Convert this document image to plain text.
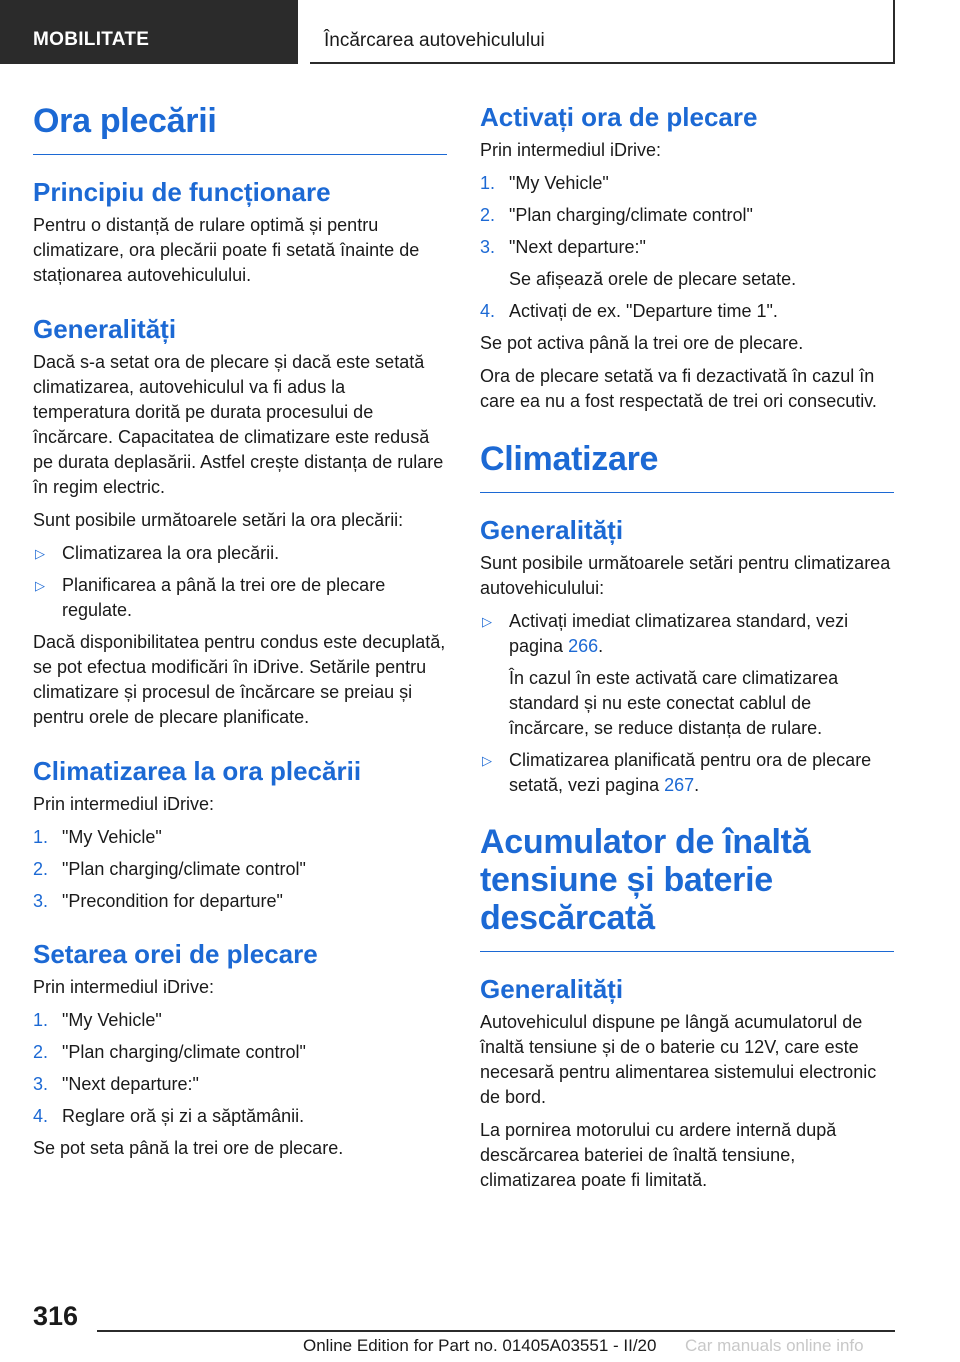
MOBILITATE	Încărcarea autovehiculului
Ora plecării
Principiu de funcționare

Pentru o distanță de rulare optimă și pentru climatizare, ora plecării poate fi setată înainte de staționarea autovehiculului.

Generalități

Dacă s-a setat ora de plecare și dacă este setată climatizarea, autovehiculul va fi adus la temperatura dorită pe durata procesului de încărcare. Capacitatea de climatizare este redusă pe durata deplasării. Astfel crește distanța de rulare în regim electric.

Sunt posibile următoarele setări la ora plecării:

▷ Climatizarea la ora plecării.
▷ Planificarea a până la trei ore de plecare regulate.

Dacă disponibilitatea pentru condus este decuplată, se pot efectua modificări în iDrive. Setările pentru climatizare și procesul de încărcare se preiau și pentru orele de plecare planificate.

Climatizarea la ora plecării

Prin intermediul iDrive:

1. "My Vehicle"
2. "Plan charging/climate control"
3. "Precondition for departure"
Setarea orei de plecare

Prin intermediul iDrive:

1. "My Vehicle"
2. "Plan charging/climate control"
3. "Next departure:"
4. Reglare oră și zi a săptămânii.

Se pot seta până la trei ore de plecare.

Activați ora de plecare

Prin intermediul iDrive:

1. "My Vehicle"
2. "Plan charging/climate control"
3. "Next departure:"
Se afișează orele de plecare setate.
4. Activați de ex. "Departure time 1".

Se pot activa până la trei ore de plecare.

Ora de plecare setată va fi dezactivată în cazul în care ea nu a fost respectată de trei ori consecutiv.

Climatizare
Generalități

Sunt posibile următoarele setări pentru climatizarea autovehiculului:

▷ Activați imediat climatizarea standard, vezi pagina 266.
În cazul în este activată care climatizarea standard și nu este conectat cablul de încărcare, se reduce distanța de rulare.
▷ Climatizarea planificată pentru ora de plecare setată, vezi pagina 267.
Acumulator de înaltă tensiune și baterie descărcată
Generalități

Autovehiculul dispune pe lângă acumulatorul de înaltă tensiune și de o baterie cu 12V, care este necesară pentru alimentarea sistemului electronic de bord.

La pornirea motorului cu ardere internă după descărcarea bateriei de înaltă tensiune, climatizarea poate fi limitată.

316
Online Edition for Part no. 01405A03551 - II/20 Car manuals online info
